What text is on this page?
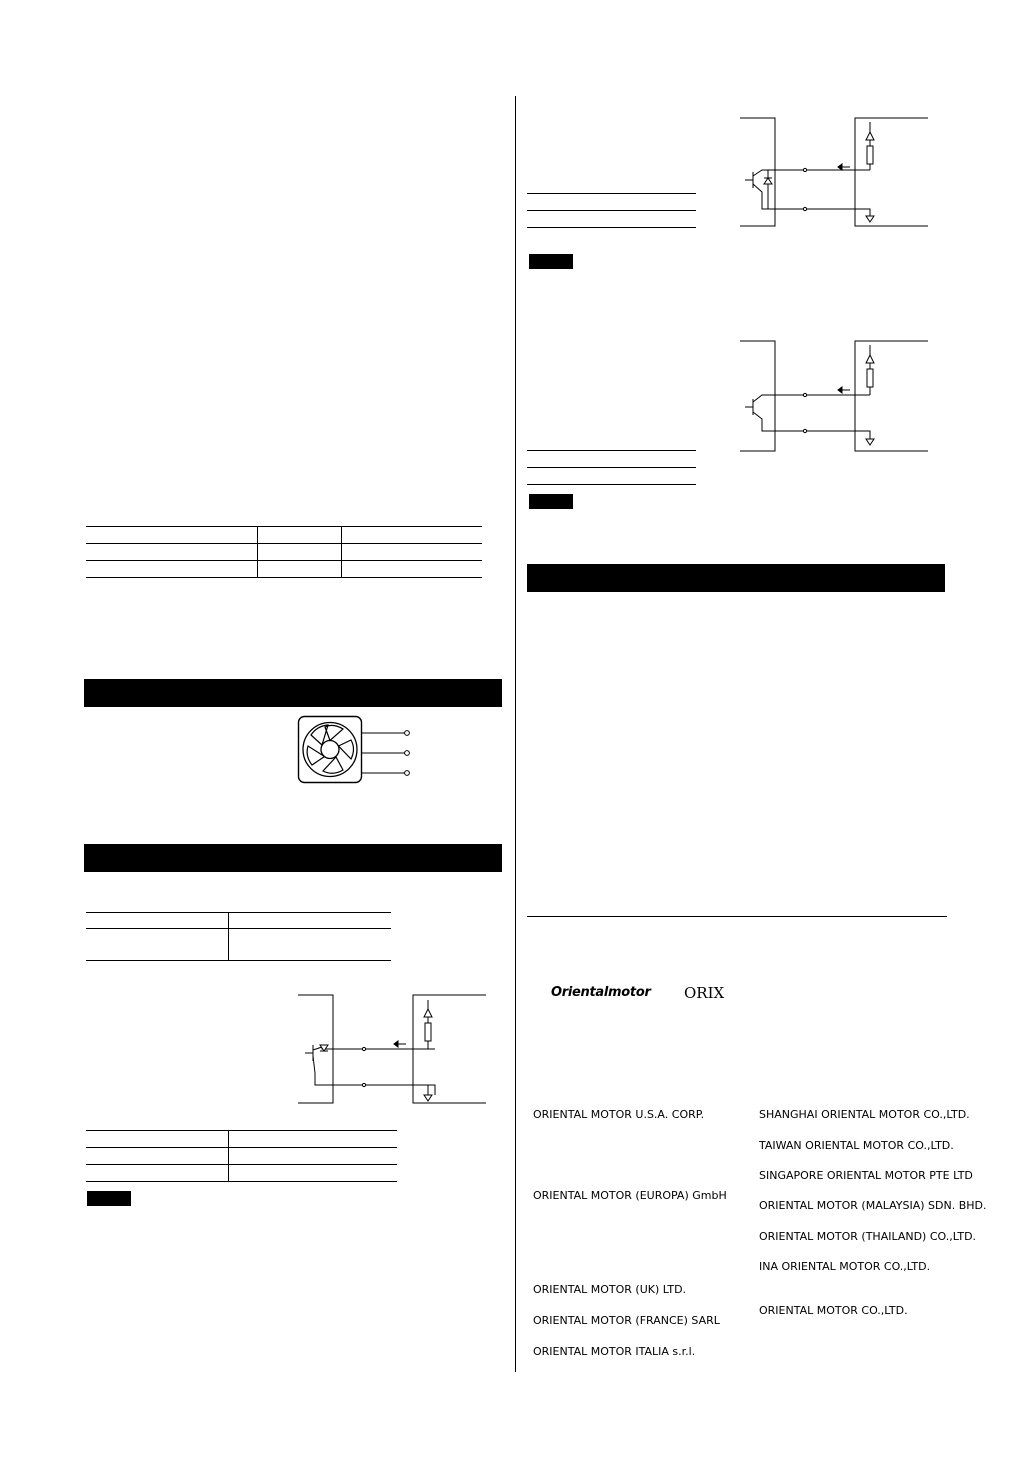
Orientalmotor ORIX
ORIENTAL MOTOR U.S.A. CORP.
ORIENTAL MOTOR (EUROPA) GmbH
ORIENTAL MOTOR (UK) LTD.
ORIENTAL MOTOR (FRANCE) SARL
ORIENTAL MOTOR ITALIA s.r.l.
SHANGHAI ORIENTAL MOTOR CO.,LTD.
TAIWAN ORIENTAL MOTOR CO.,LTD.
SINGAPORE ORIENTAL MOTOR PTE LTD
ORIENTAL MOTOR (MALAYSIA) SDN. BHD.
ORIENTAL MOTOR (THAILAND) CO.,LTD.
INA ORIENTAL MOTOR CO.,LTD.
ORIENTAL MOTOR CO.,LTD.
